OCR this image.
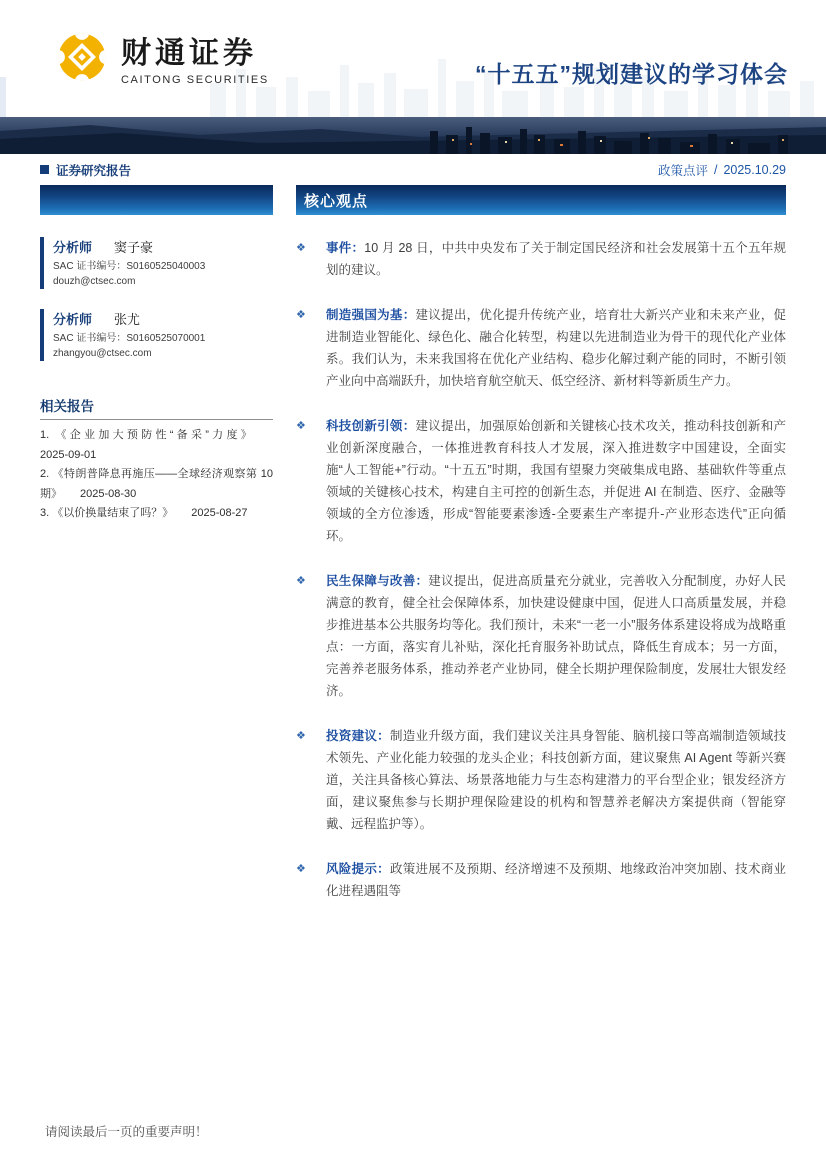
财通证券
CAITONG SECURITIES	“十五五”规划建议的学习体会
证券研究报告	政策点评 / 2025.10.29
分析师 窦子豪
SAC 证书编号：S0160525040003
douzh@ctsec.com
分析师 张尤
SAC 证书编号：S0160525070001
zhangyou@ctsec.com
相关报告
1. 《企业加大预防性“备采”力度》2025-09-01
2. 《特朗普降息再施压——全球经济观察第 10 期》 2025-08-30
3. 《以价换量结束了吗？》 2025-08-27
核心观点
❖	事件：10 月 28 日，中共中央发布了关于制定国民经济和社会发展第十五个五年规划的建议。
❖	制造强国为基：建议提出，优化提升传统产业，培育壮大新兴产业和未来产业，促进制造业智能化、绿色化、融合化转型，构建以先进制造业为骨干的现代化产业体系。我们认为，未来我国将在优化产业结构、稳步化解过剩产能的同时，不断引领产业向中高端跃升，加快培育航空航天、低空经济、新材料等新质生产力。
❖	科技创新引领：建议提出，加强原始创新和关键核心技术攻关，推动科技创新和产业创新深度融合，一体推进教育科技人才发展，深入推进数字中国建设，全面实施“人工智能+”行动。“十五五”时期，我国有望聚力突破集成电路、基础软件等重点领域的关键核心技术，构建自主可控的创新生态，并促进 AI 在制造、医疗、金融等领域的全方位渗透，形成“智能要素渗透-全要素生产率提升-产业形态迭代”正向循环。
❖	民生保障与改善：建议提出，促进高质量充分就业，完善收入分配制度，办好人民满意的教育，健全社会保障体系，加快建设健康中国，促进人口高质量发展，并稳步推进基本公共服务均等化。我们预计，未来“一老一小”服务体系建设将成为战略重点：一方面，落实育儿补贴，深化托育服务补助试点，降低生育成本；另一方面，完善养老服务体系，推动养老产业协同，健全长期护理保险制度，发展壮大银发经济。
❖	投资建议：制造业升级方面，我们建议关注具身智能、脑机接口等高端制造领域技术领先、产业化能力较强的龙头企业；科技创新方面，建议聚焦 AI Agent 等新兴赛道，关注具备核心算法、场景落地能力与生态构建潜力的平台型企业；银发经济方面，建议聚焦参与长期护理保险建设的机构和智慧养老解决方案提供商（智能穿戴、远程监护等）。
❖	风险提示：政策进展不及预期、经济增速不及预期、地缘政治冲突加剧、技术商业化进程遇阻等
请阅读最后一页的重要声明！
